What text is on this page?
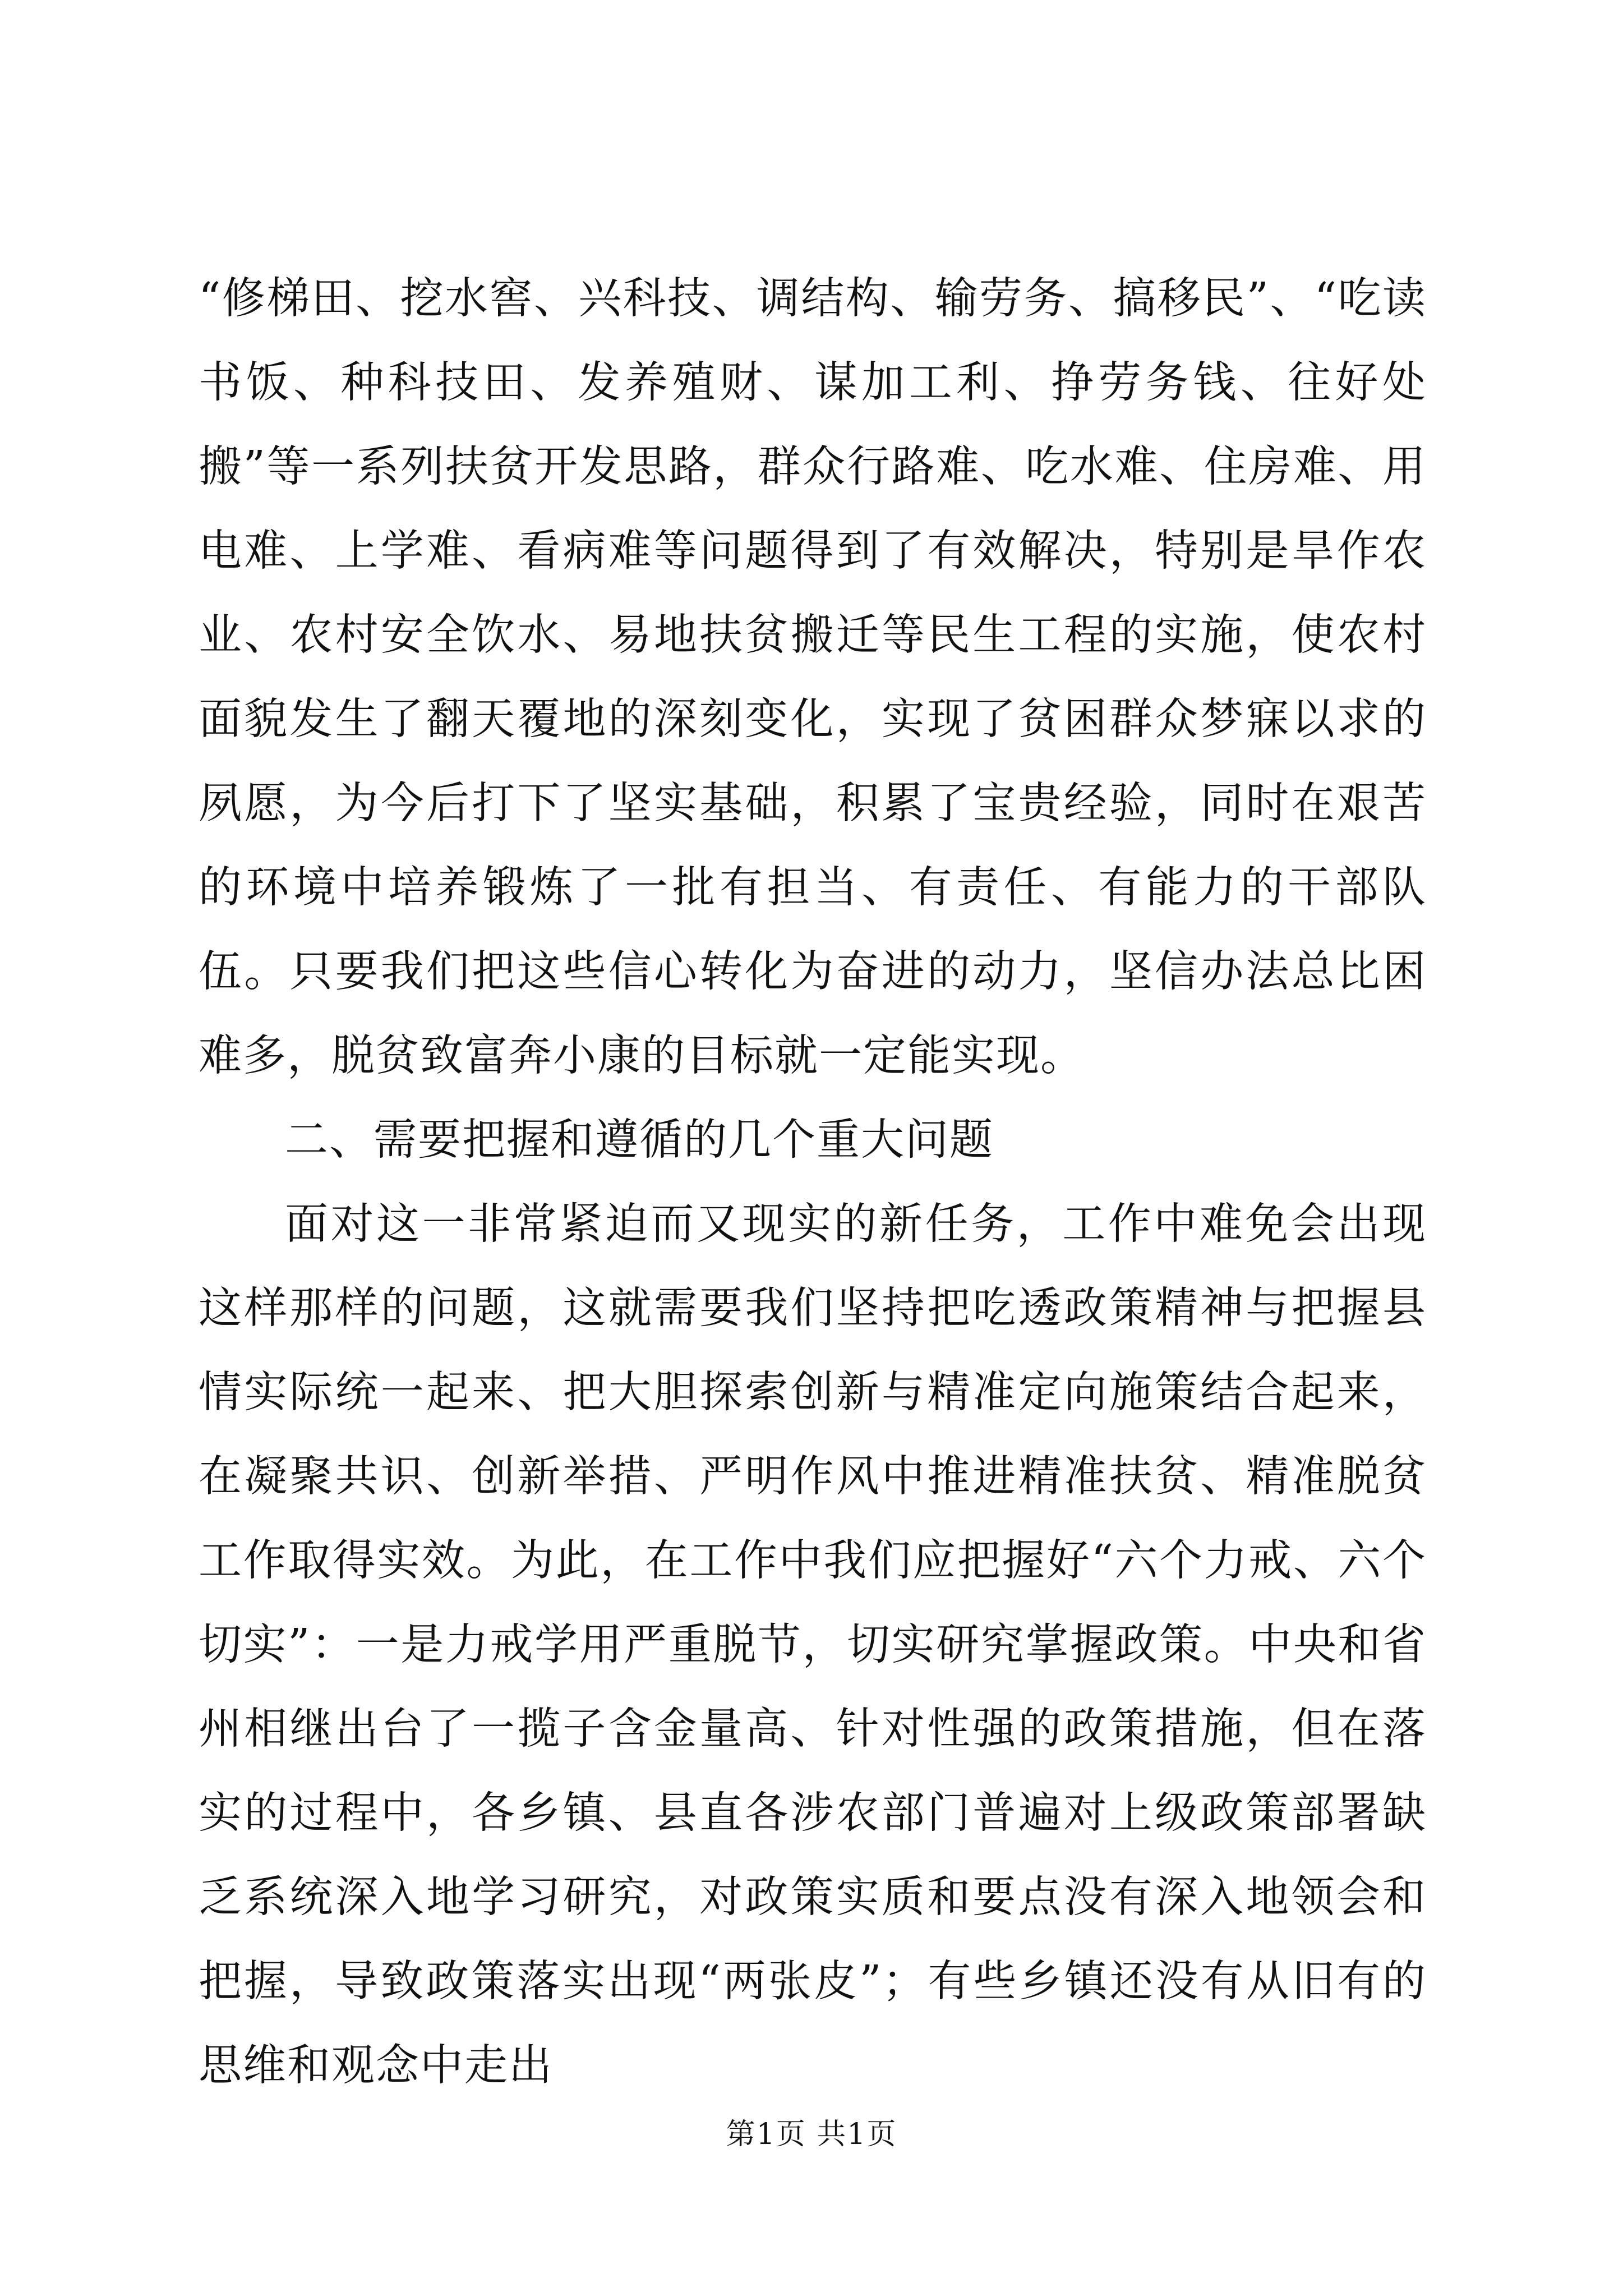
“修梯田、挖水窖、兴科技、调结构、输劳务、搞移民”、“吃读书饭、种科技田、发养殖财、谋加工利、挣劳务钱、往好处搬”等一系列扶贫开发思路，群众行路难、吃水难、住房难、用电难、上学难、看病难等问题得到了有效解决，特别是旱作农业、农村安全饮水、易地扶贫搬迁等民生工程的实施，使农村面貌发生了翻天覆地的深刻变化，实现了贫困群众梦寐以求的夙愿，为今后打下了坚实基础，积累了宝贵经验，同时在艰苦的环境中培养锻炼了一批有担当、有责任、有能力的干部队伍。只要我们把这些信心转化为奋进的动力，坚信办法总比困难多，脱贫致富奔小康的目标就一定能实现。

二、需要把握和遵循的几个重大问题

面对这一非常紧迫而又现实的新任务，工作中难免会出现这样那样的问题，这就需要我们坚持把吃透政策精神与把握县情实际统一起来、把大胆探索创新与精准定向施策结合起来，在凝聚共识、创新举措、严明作风中推进精准扶贫、精准脱贫工作取得实效。为此，在工作中我们应把握好“六个力戒、六个切实”：一是力戒学用严重脱节，切实研究掌握政策。中央和省州相继出台了一揽子含金量高、针对性强的政策措施，但在落实的过程中，各乡镇、县直各涉农部门普遍对上级政策部署缺乏系统深入地学习研究，对政策实质和要点没有深入地领会和把握，导致政策落实出现“两张皮”；有些乡镇还没有从旧有的思维和观念中走出

第1页 共1页
